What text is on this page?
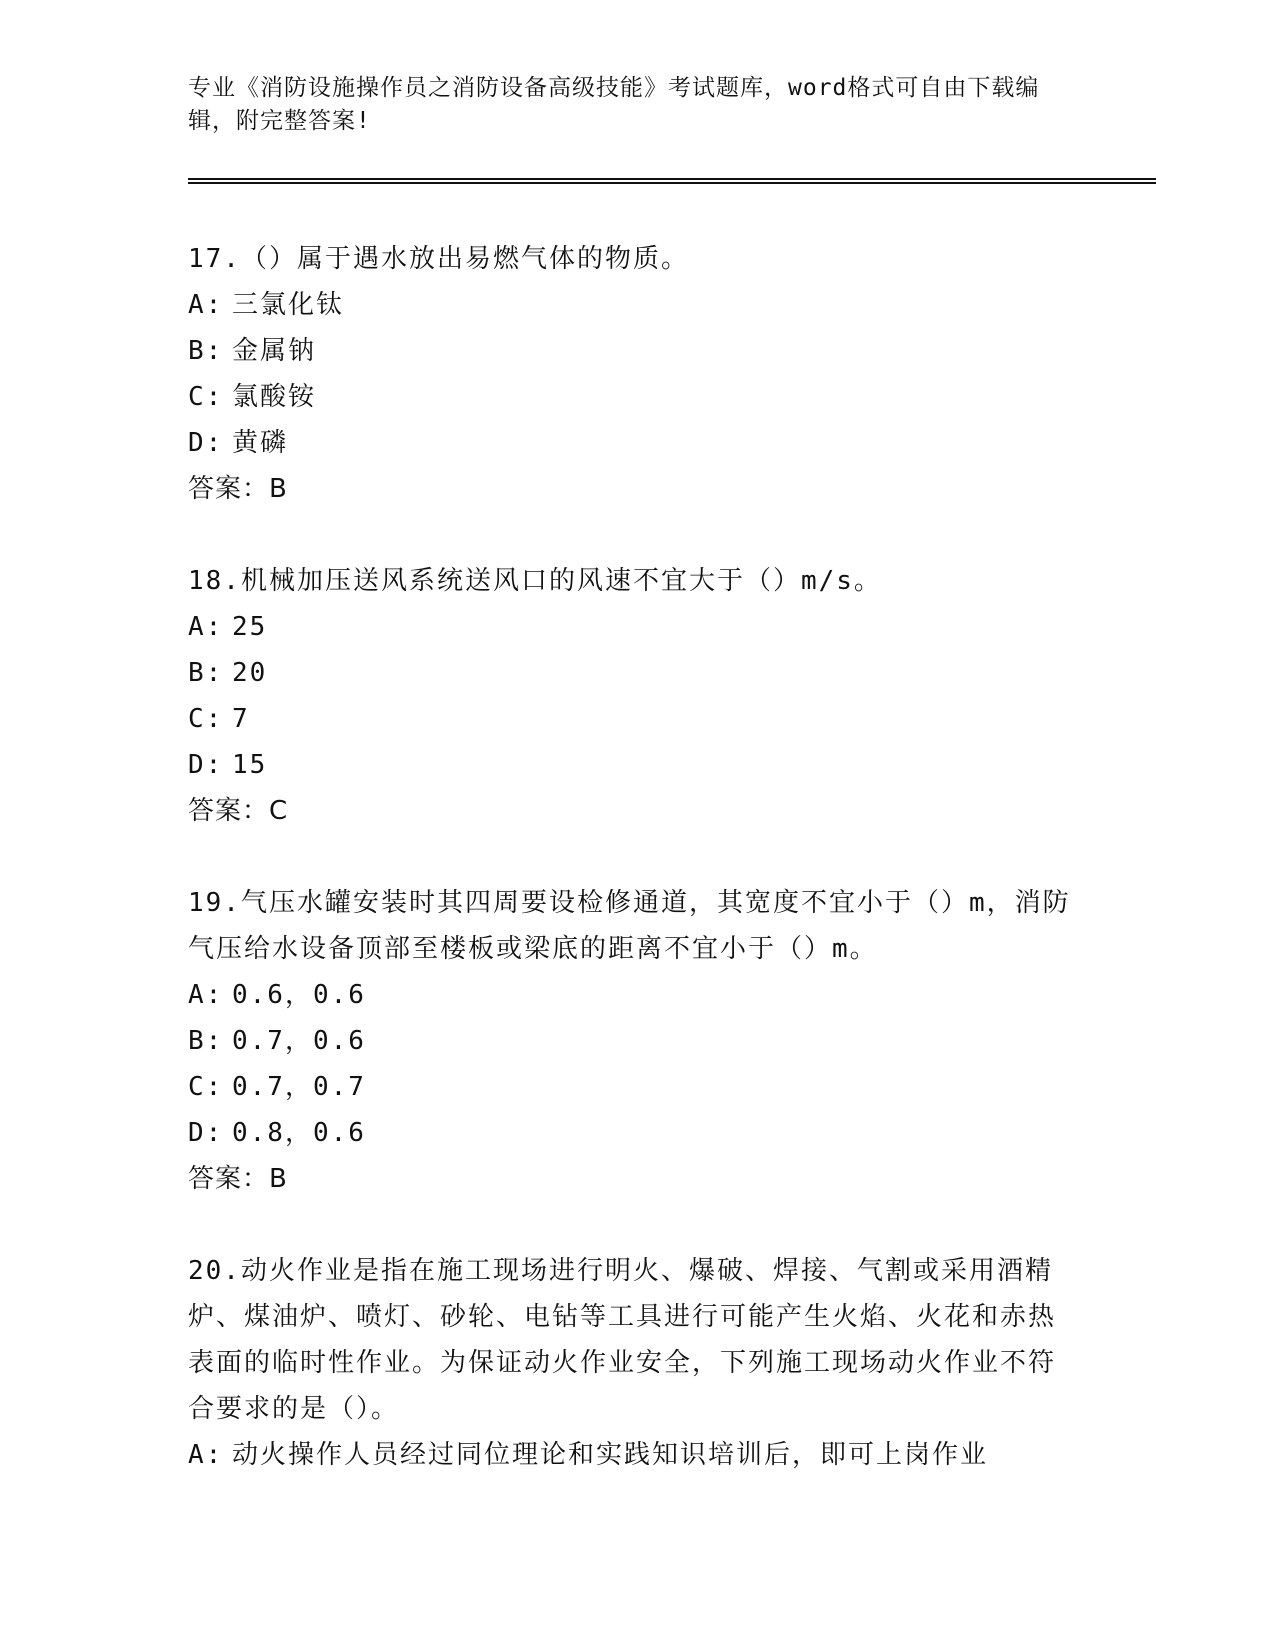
专业《消防设施操作员之消防设备高级技能》考试题库，word格式可自由下载编辑，附完整答案!
17.（）属于遇水放出易燃气体的物质。
A: 三氯化钛
B: 金属钠
C: 氯酸铵
D: 黄磷
答案：B
18.机械加压送风系统送风口的风速不宜大于（）m/s。
A: 25
B: 20
C: 7
D: 15
答案：C
19.气压水罐安装时其四周要设检修通道，其宽度不宜小于（）m，消防气压给水设备顶部至楼板或梁底的距离不宜小于（）m。
A: 0.6，0.6
B: 0.7，0.6
C: 0.7，0.7
D: 0.8，0.6
答案：B
20.动火作业是指在施工现场进行明火、爆破、焊接、气割或采用酒精炉、煤油炉、喷灯、砂轮、电钻等工具进行可能产生火焰、火花和赤热表面的临时性作业。为保证动火作业安全，下列施工现场动火作业不符合要求的是（）。
A: 动火操作人员经过同位理论和实践知识培训后，即可上岗作业
